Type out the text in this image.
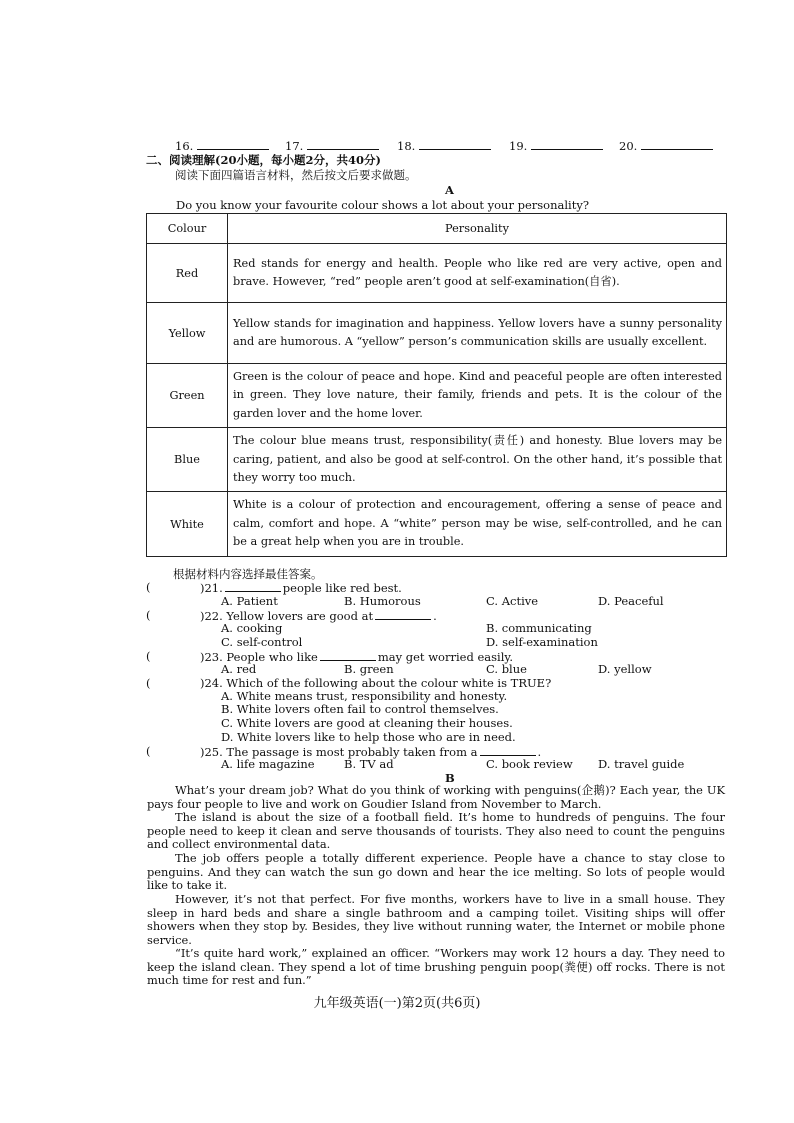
16.	17.	18.	19.	20.
二、阅读理解(20小题，每小题2分，共40分)
阅读下面四篇语言材料，然后按文后要求做题。
A
Do you know your favourite colour shows a lot about your personality?
Colour	Personality
Red	Red stands for energy and health. People who like red are very active, open and brave. However, “red” people aren’t good at self-examination(自省).
Yellow	Yellow stands for imagination and happiness. Yellow lovers have a sunny personality and are humorous. A “yellow” person’s communication skills are usually excellent.
Green	Green is the colour of peace and hope. Kind and peaceful people are often interested in green. They love nature, their family, friends and pets. It is the colour of the garden lover and the home lover.
Blue	The colour blue means trust, responsibility(责任) and honesty. Blue lovers may be caring, patient, and also be good at self-control. On the other hand, it’s possible that they worry too much.
White	White is a colour of protection and encouragement, offering a sense of peace and calm, comfort and hope. A “white” person may be wise, self-controlled, and he can be a great help when you are in trouble.
根据材料内容选择最佳答案。
(	)21.	people like red best.
A. Patient	B. Humorous	C. Active	D. Peaceful
(	)22. Yellow lovers are good at	.
A. cooking	B. communicating
C. self-control	D. self-examination
(	)23. People who like	may get worried easily.
A. red	B. green	C. blue	D. yellow
(	)24. Which of the following about the colour white is TRUE?
A. White means trust, responsibility and honesty.
B. White lovers often fail to control themselves.
C. White lovers are good at cleaning their houses.
D. White lovers like to help those who are in need.
(	)25. The passage is most probably taken from a	.
A. life magazine	B. TV ad	C. book review D. travel guide
B
What’s your dream job? What do you think of working with penguins(企鹅)? Each year, the UK pays four people to live and work on Goudier Island from November to March.
The island is about the size of a football field. It’s home to hundreds of penguins. The four people need to keep it clean and serve thousands of tourists. They also need to count the penguins and collect environmental data.
The job offers people a totally different experience. People have a chance to stay close to penguins. And they can watch the sun go down and hear the ice melting. So lots of people would like to take it.
However, it’s not that perfect. For five months, workers have to live in a small house. They sleep in hard beds and share a single bathroom and a camping toilet. Visiting ships will offer showers when they stop by. Besides, they live without running water, the Internet or mobile phone service.
“It’s quite hard work,” explained an officer. “Workers may work 12 hours a day. They need to keep the island clean. They spend a lot of time brushing penguin poop(粪便) off rocks. There is not much time for rest and fun.”
九年级英语(一)第2页(共6页)
